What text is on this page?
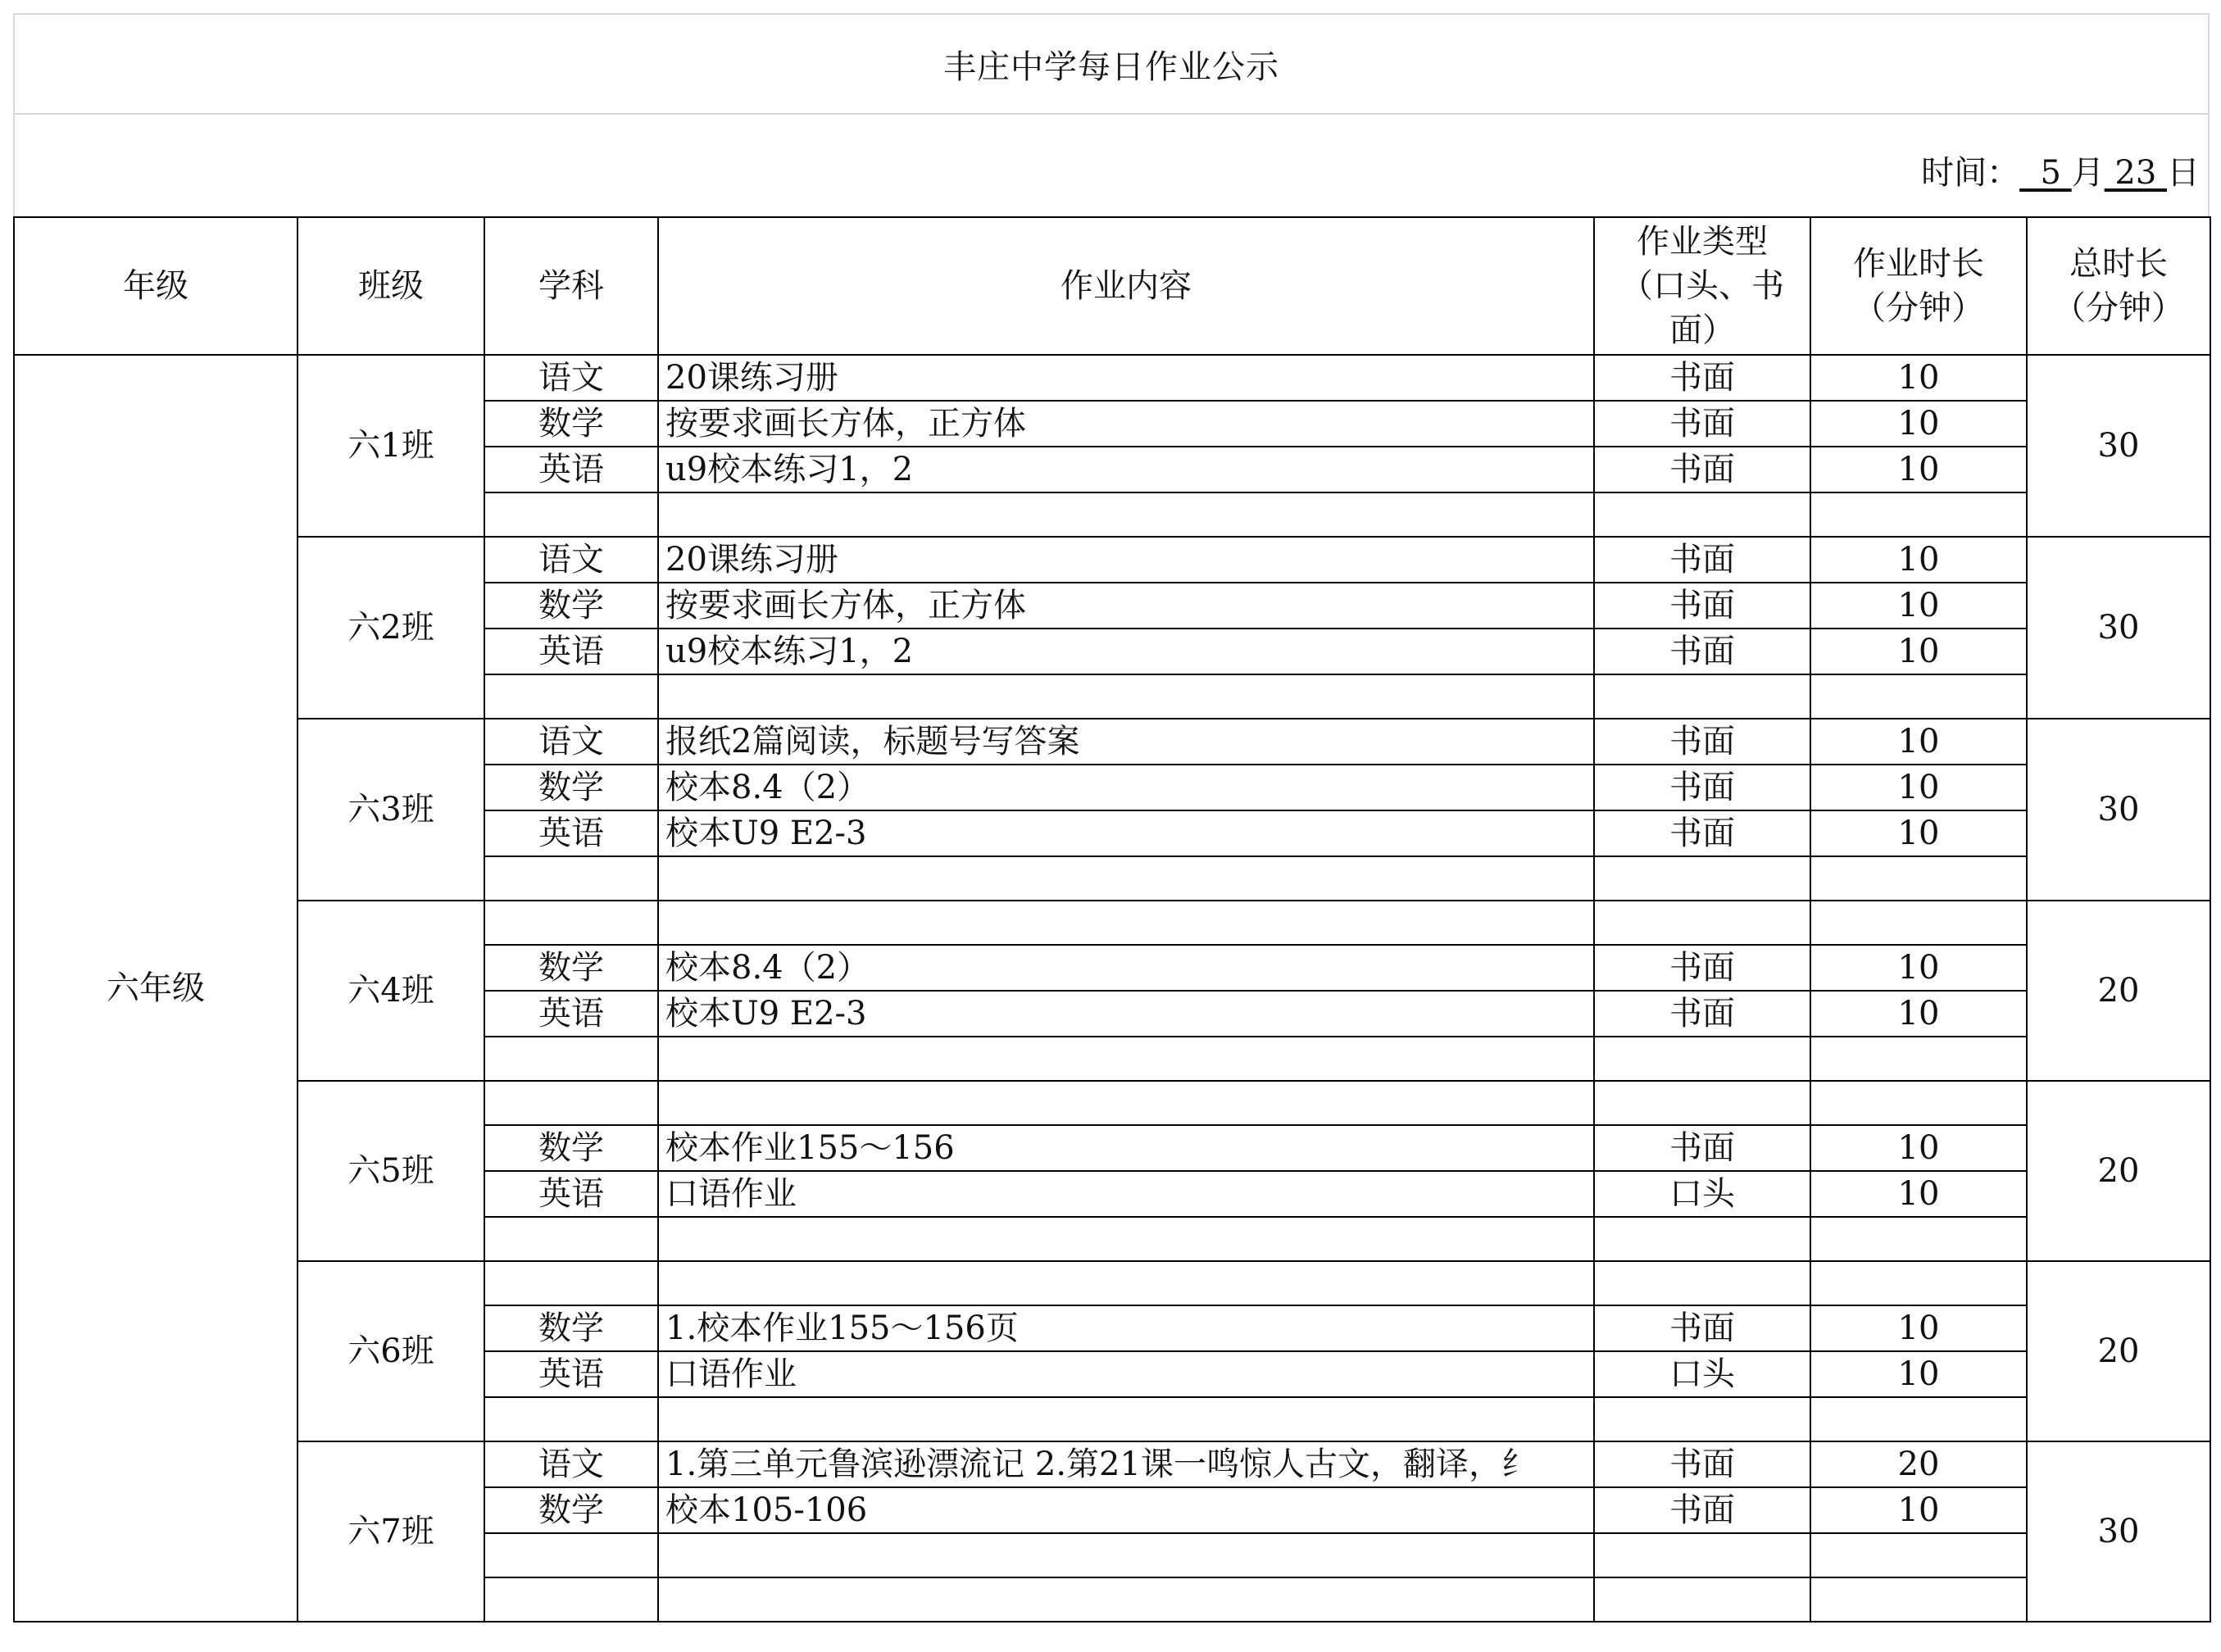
丰庄中学每日作业公示
时间： 5 月 23 日
年级	班级	学科	作业内容	作业类型（口头、书面）	作业时长（分钟）	总时长（分钟）
六年级	六1班	语文	20课练习册	书面	10	30
		数学	按要求画长方体，正方体	书面	10	
		英语	u9校本练习1，2	书面	10	

	六2班	语文	20课练习册	书面	10	30
		数学	按要求画长方体，正方体	书面	10	
		英语	u9校本练习1，2	书面	10	

	六3班	语文	报纸2篇阅读，标题号写答案	书面	10	30
		数学	校本8.4（2）	书面	10	
		英语	校本U9 E2-3	书面	10	

	六4班					20
		数学	校本8.4（2）	书面	10	
		英语	校本U9 E2-3	书面	10	

	六5班					20
		数学	校本作业155～156	书面	10	
		英语	口语作业	口头	10	

	六6班					20
		数学	1.校本作业155～156页	书面	10	
		英语	口语作业	口头	10	

	六7班	语文	1.第三单元鲁滨逊漂流记 2.第21课一鸣惊人古文，翻译，纟	书面	20	30
		数学	校本105-106	书面	10	
